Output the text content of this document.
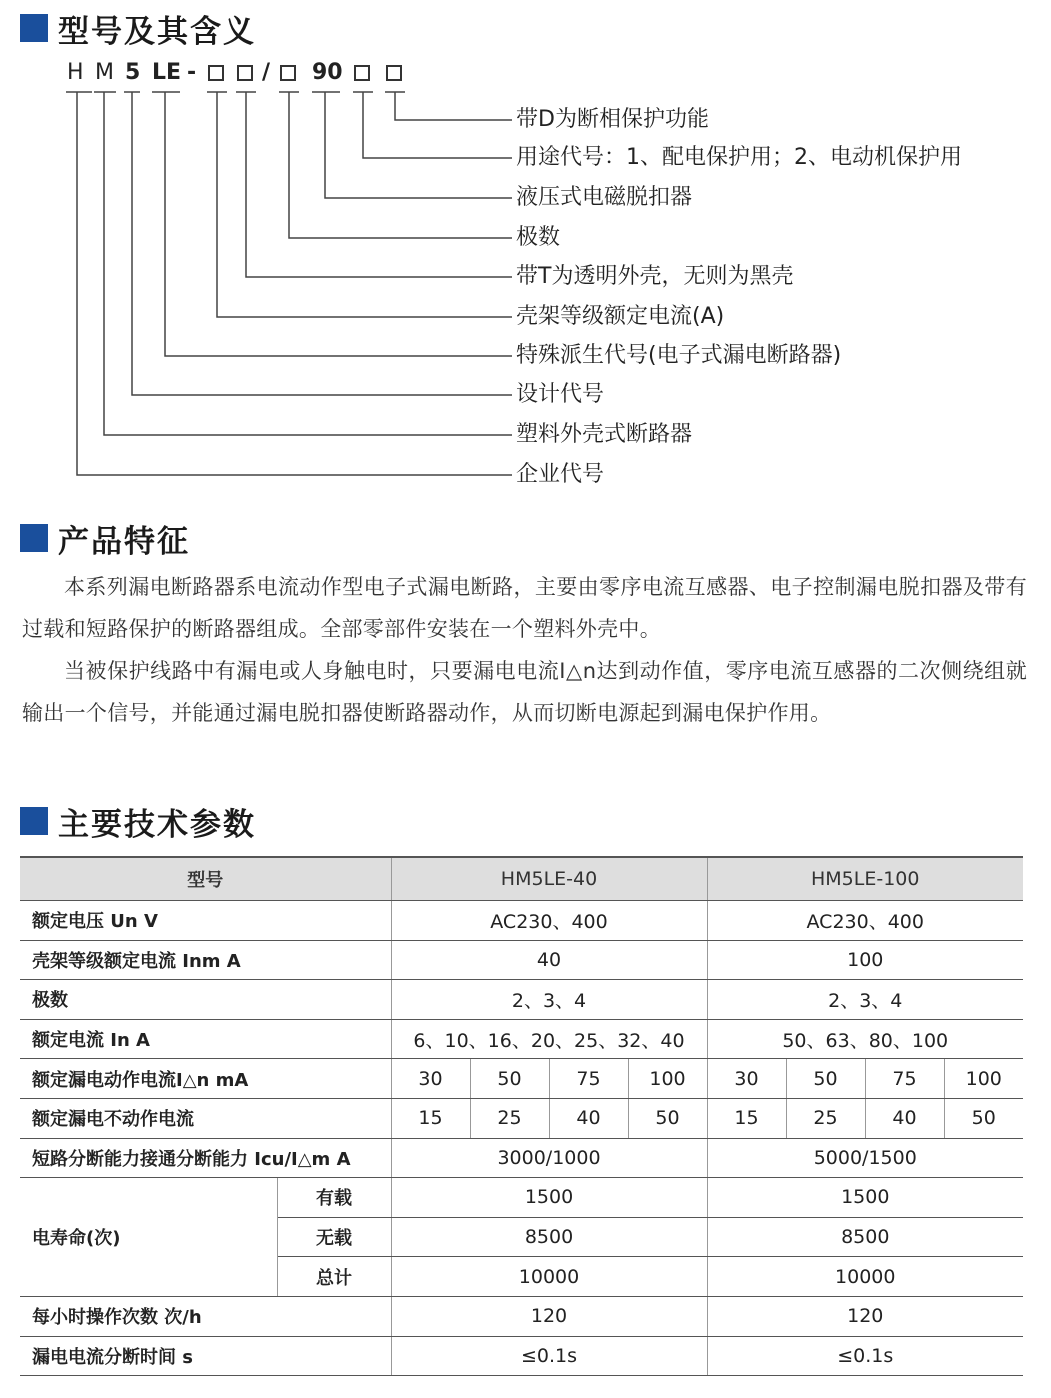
型号及其含义
H M 5 LE -	/ 90
带D为断相保护功能
用途代号：1、配电保护用；2、电动机保护用
液压式电磁脱扣器
极数
带T为透明外壳，无则为黑壳
壳架等级额定电流(A)
特殊派生代号(电子式漏电断路器)
设计代号
塑料外壳式断路器
企业代号
产品特征

本系列漏电断路器系电流动作型电子式漏电断路，主要由零序电流互感器、电子控制漏电脱扣器及带有过载和短路保护的断路器组成。全部零部件安装在一个塑料外壳中。

当被保护线路中有漏电或人身触电时，只要漏电电流I△n达到动作值，零序电流互感器的二次侧绕组就输出一个信号，并能通过漏电脱扣器使断路器动作，从而切断电源起到漏电保护作用。

主要技术参数
型号		HM5LE-40				HM5LE-100			
额定电压 Un V		AC230、400				AC230、400			
壳架等级额定电流 Inm A		40				100			
极数		2、3、4				2、3、4			
额定电流 In A		6、10、16、20、25、32、40				50、63、80、100			
额定漏电动作电流I△n mA		30	50	75	100	30	50	75	100
额定漏电不动作电流		15	25	40	50	15	25	40	50
短路分断能力接通分断能力 Icu/I△m A		3000/1000				5000/1500			
电寿命(次)	有载	1500				1500			
	无载	8500				8500			
	总计	10000				10000			
每小时操作次数 次/h		120				120			
漏电电流分断时间 s		≤0.1s				≤0.1s			
